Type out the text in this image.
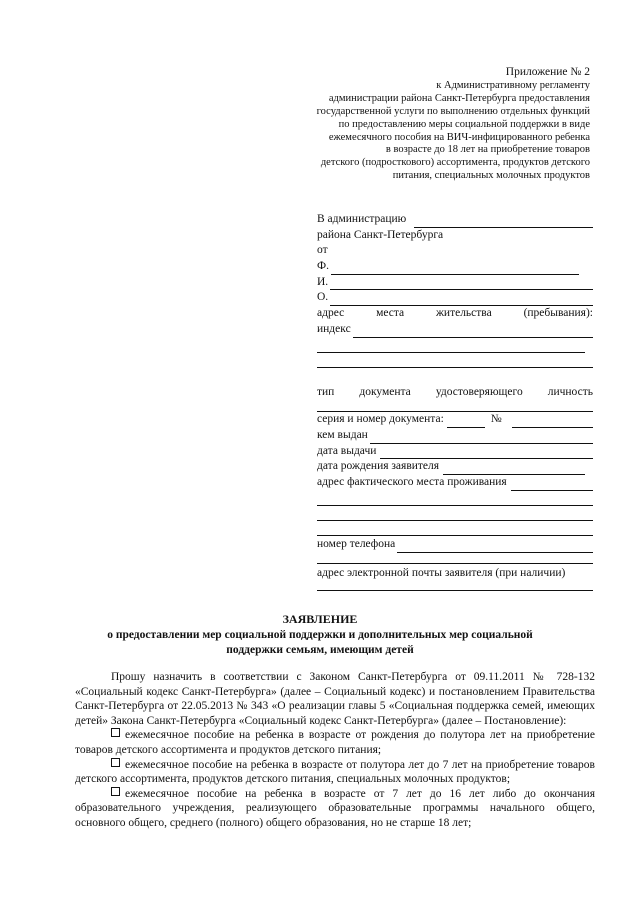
Приложение № 2
к Административному регламенту
администрации района Санкт-Петербурга предоставления
государственной услуги по выполнению отдельных функций
по предоставлению меры социальной поддержки в виде
ежемесячного пособия на ВИЧ-инфицированного ребенка
в возрасте до 18 лет на приобретение товаров
детского (подросткового) ассортимента, продуктов детского
питания, специальных молочных продуктов
В администрацию
района Санкт-Петербурга
от
Ф.
И.
О.
адрес	места	жительства	(пребывания):
индекс
тип документа удостоверяющего личность
серия и номер документа:	№
кем выдан
дата выдачи
дата рождения заявителя
адрес фактического места проживания
номер телефона
адрес электронной почты заявителя (при наличии)
ЗАЯВЛЕНИЕ
о предоставлении мер социальной поддержки и дополнительных мер социальной поддержки семьям, имеющим детей

Прошу назначить в соответствии с Законом Санкт-Петербурга от 09.11.2011 № 728-132 «Социальный кодекс Санкт-Петербурга» (далее – Социальный кодекс) и постановлением Правительства Санкт-Петербурга от 22.05.2013 № 343 «О реализации главы 5 «Социальная поддержка семей, имеющих детей» Закона Санкт-Петербурга «Социальный кодекс Санкт-Петербурга» (далее – Постановление):

ежемесячное пособие на ребенка в возрасте от рождения до полутора лет на приобретение товаров детского ассортимента и продуктов детского питания;

ежемесячное пособие на ребенка в возрасте от полутора лет до 7 лет на приобретение товаров детского ассортимента, продуктов детского питания, специальных молочных продуктов;

ежемесячное пособие на ребенка в возрасте от 7 лет до 16 лет либо до окончания образовательного учреждения, реализующего образовательные программы начального общего, основного общего, среднего (полного) общего образования, но не старше 18 лет;
